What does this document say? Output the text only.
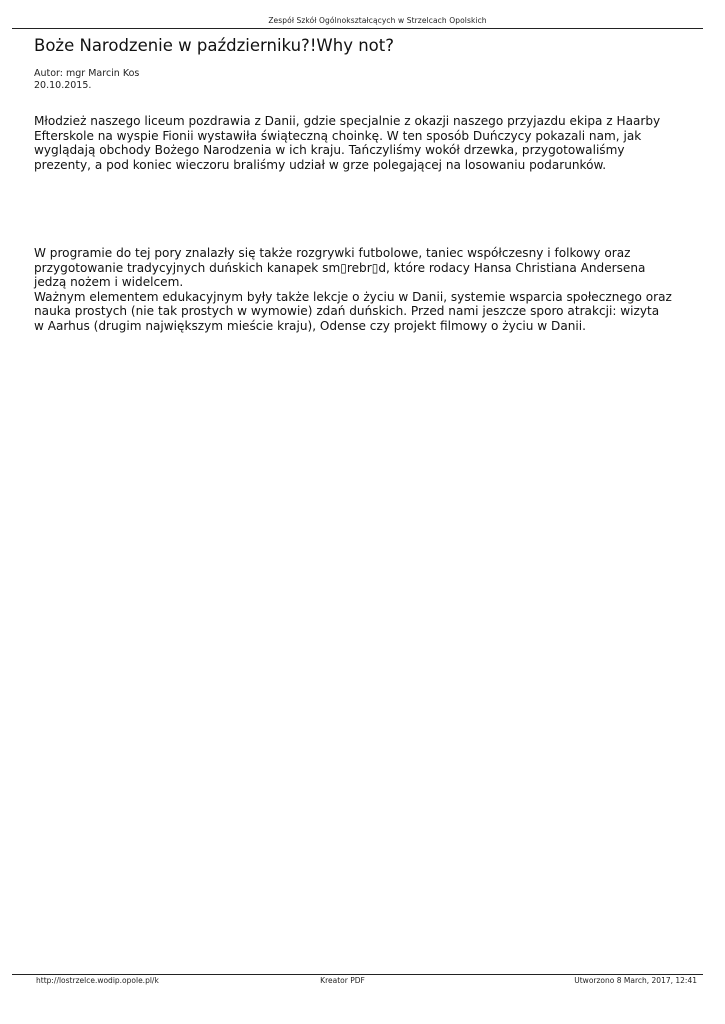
Zespół Szkół Ogólnokształcących w Strzelcach Opolskich
Boże Narodzenie w październiku?!Why not?
Autor: mgr Marcin Kos
20.10.2015.

Młodzież naszego liceum pozdrawia z Danii, gdzie specjalnie z okazji naszego przyjazdu ekipa z Haarby
Efterskole na wyspie Fionii wystawiła świąteczną choinkę. W ten sposób Duńczycy pokazali nam, jak
wyglądają obchody Bożego Narodzenia w ich kraju. Tańczyliśmy wokół drzewka, przygotowaliśmy
prezenty, a pod koniec wieczoru braliśmy udział w grze polegającej na losowaniu podarunków.

W programie do tej pory znalazły się także rozgrywki futbolowe, taniec współczesny i folkowy oraz
przygotowanie tradycyjnych duńskich kanapek sm▯rebr▯d, które rodacy Hansa Christiana Andersena
jedzą nożem i widelcem.
Ważnym elementem edukacyjnym były także lekcje o życiu w Danii, systemie wsparcia społecznego oraz
nauka prostych (nie tak prostych w wymowie) zdań duńskich. Przed nami jeszcze sporo atrakcji: wizyta
w Aarhus (drugim największym mieście kraju), Odense czy projekt filmowy o życiu w Danii.

http://lostrzelce.wodip.opole.pl/k	Kreator PDF	Utworzono 8 March, 2017, 12:41
